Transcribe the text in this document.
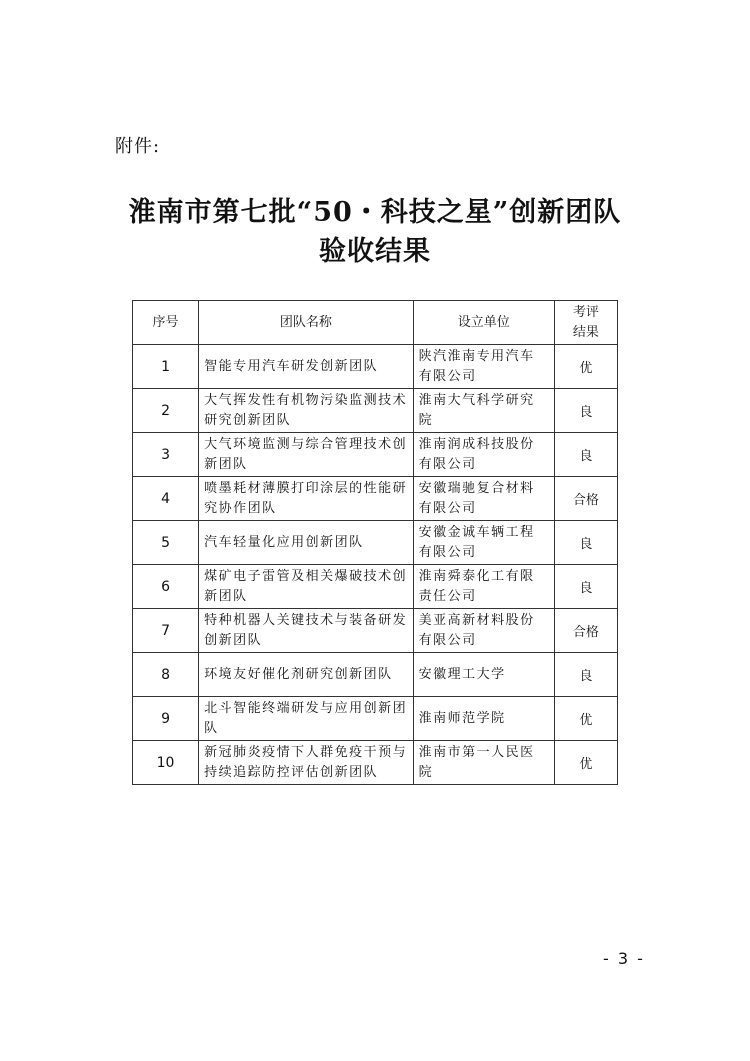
附件:
淮南市第七批“50・科技之星”创新团队
验收结果
序号	团队名称	设立单位	考评
结果
1	智能专用汽车研发创新团队	陕汽淮南专用汽车有限公司	优
2	大气挥发性有机物污染监测技术研究创新团队	淮南大气科学研究院	良
3	大气环境监测与综合管理技术创新团队	淮南润成科技股份有限公司	良
4	喷墨耗材薄膜打印涂层的性能研究协作团队	安徽瑞驰复合材料有限公司	合格
5	汽车轻量化应用创新团队	安徽金诚车辆工程有限公司	良
6	煤矿电子雷管及相关爆破技术创新团队	淮南舜泰化工有限责任公司	良
7	特种机器人关键技术与装备研发创新团队	美亚高新材料股份有限公司	合格
8	环境友好催化剂研究创新团队	安徽理工大学	良
9	北斗智能终端研发与应用创新团队	淮南师范学院	优
10	新冠肺炎疫情下人群免疫干预与持续追踪防控评估创新团队	淮南市第一人民医院	优
- 3 -
